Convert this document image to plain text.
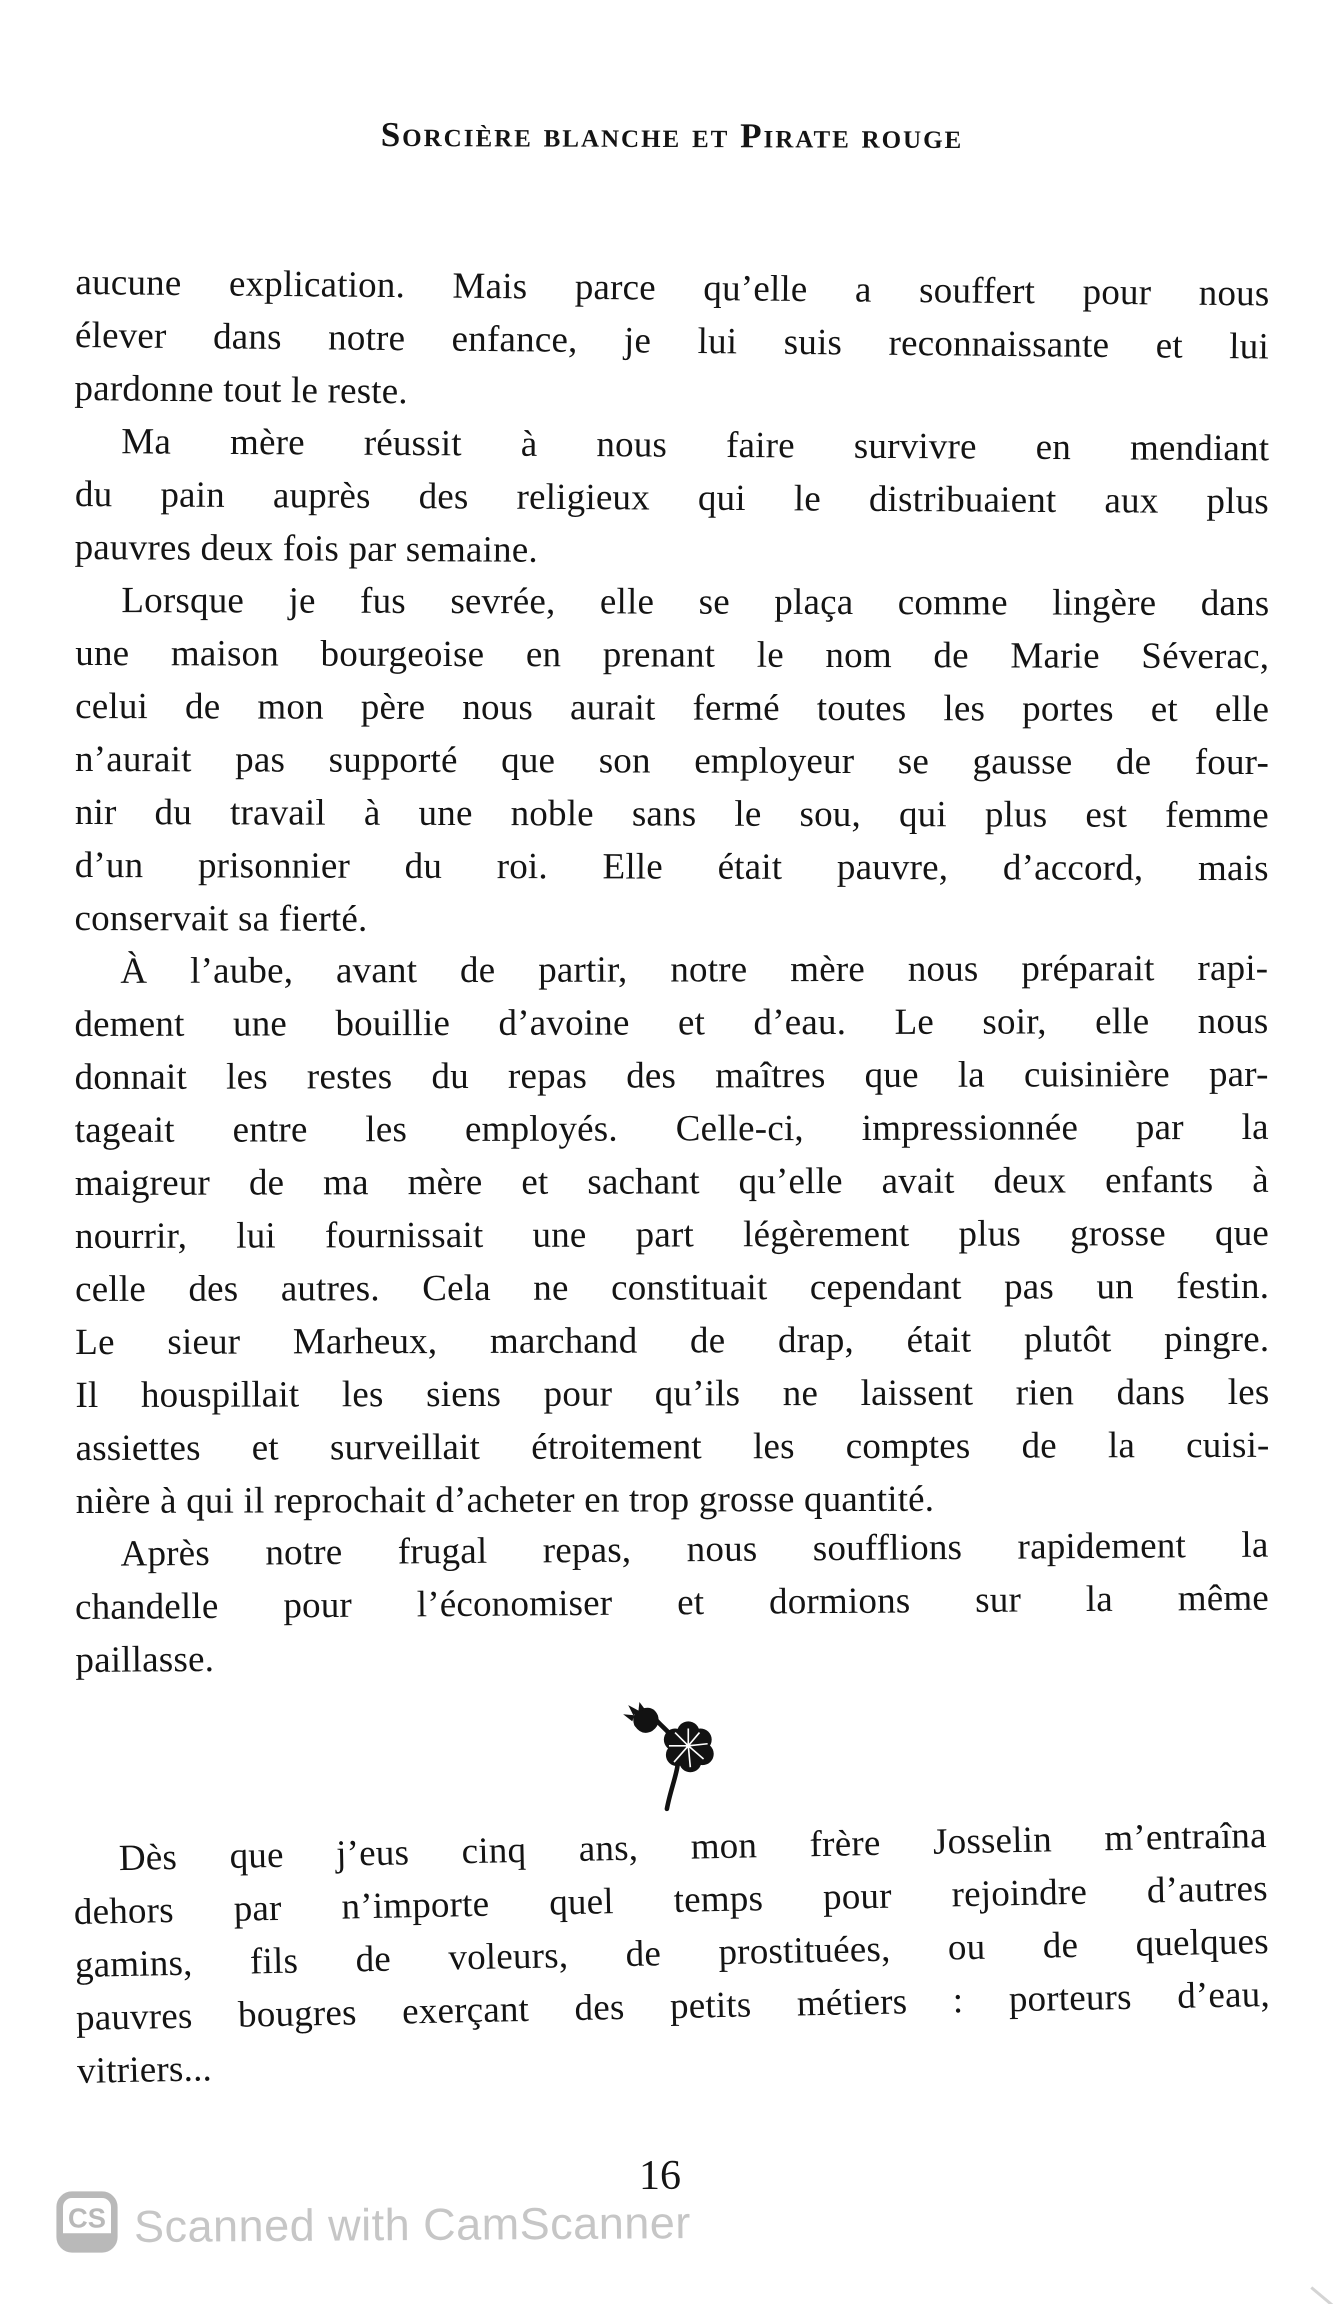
Sorcière blanche et Pirate rouge
aucune explication. Mais parce qu’elle a souffert pour nous
élever dans notre enfance, je lui suis reconnaissante et lui
pardonne tout le reste.
Ma mère réussit à nous faire survivre en mendiant
du pain auprès des religieux qui le distribuaient aux plus
pauvres deux fois par semaine.
Lorsque je fus sevrée, elle se plaça comme lingère dans
une maison bourgeoise en prenant le nom de Marie Séverac,
celui de mon père nous aurait fermé toutes les portes et elle
n’aurait pas supporté que son employeur se gausse de four-
nir du travail à une noble sans le sou, qui plus est femme
d’un prisonnier du roi. Elle était pauvre, d’accord, mais
conservait sa fierté.
À l’aube, avant de partir, notre mère nous préparait rapi-
dement une bouillie d’avoine et d’eau. Le soir, elle nous
donnait les restes du repas des maîtres que la cuisinière par-
tageait entre les employés. Celle-ci, impressionnée par la
maigreur de ma mère et sachant qu’elle avait deux enfants à
nourrir, lui fournissait une part légèrement plus grosse que
celle des autres. Cela ne constituait cependant pas un festin.
Le sieur Marheux, marchand de drap, était plutôt pingre.
Il houspillait les siens pour qu’ils ne laissent rien dans les
assiettes et surveillait étroitement les comptes de la cuisi-
nière à qui il reprochait d’acheter en trop grosse quantité.
Après notre frugal repas, nous soufflions rapidement la
chandelle pour l’économiser et dormions sur la même
paillasse.
Dès que j’eus cinq ans, mon frère Josselin m’entraîna
dehors par n’importe quel temps pour rejoindre d’autres
gamins, fils de voleurs, de prostituées, ou de quelques
pauvres bougres exerçant des petits métiers : porteurs d’eau,
vitriers...
16
CS Scanned with CamScanner
